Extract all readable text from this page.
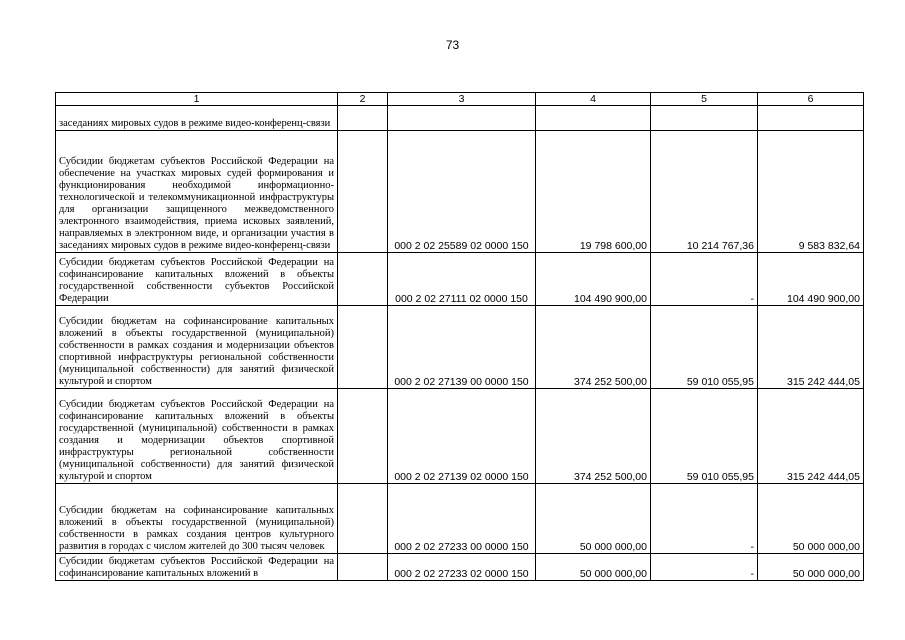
73
1	2	3	4	5	6
заседаниях мировых судов в режиме видео-конференц-связи					
Субсидии бюджетам субъектов Российской Федерации на обеспечение на участках мировых судей формирования и функционирования необходимой информационно-технологической и телекоммуникационной инфраструктуры для организации защищенного межведомственного электронного взаимодействия, приема исковых заявлений, направляемых в электронном виде, и организации участия в заседаниях мировых судов в режиме видео-конференц-связи		000 2 02 25589 02 0000 150	19 798 600,00	10 214 767,36	9 583 832,64
Субсидии бюджетам субъектов Российской Федерации на софинансирование капитальных вложений в объекты государственной собственности субъектов Российской Федерации		000 2 02 27111 02 0000 150	104 490 900,00	-	104 490 900,00
Субсидии бюджетам на софинансирование капитальных вложений в объекты государственной (муниципальной) собственности в рамках создания и модернизации объектов спортивной инфраструктуры региональной собственности (муниципальной собственности) для занятий физической культурой и спортом		000 2 02 27139 00 0000 150	374 252 500,00	59 010 055,95	315 242 444,05
Субсидии бюджетам субъектов Российской Федерации на софинансирование капитальных вложений в объекты государственной (муниципальной) собственности в рамках создания и модернизации объектов спортивной инфраструктуры региональной собственности (муниципальной собственности) для занятий физической культурой и спортом		000 2 02 27139 02 0000 150	374 252 500,00	59 010 055,95	315 242 444,05
Субсидии бюджетам на софинансирование капитальных вложений в объекты государственной (муниципальной) собственности в рамках создания центров культурного развития в городах с числом жителей до 300 тысяч человек		000 2 02 27233 00 0000 150	50 000 000,00	-	50 000 000,00
Субсидии бюджетам субъектов Российской Федерации на софинансирование капитальных вложений в		000 2 02 27233 02 0000 150	50 000 000,00	-	50 000 000,00
